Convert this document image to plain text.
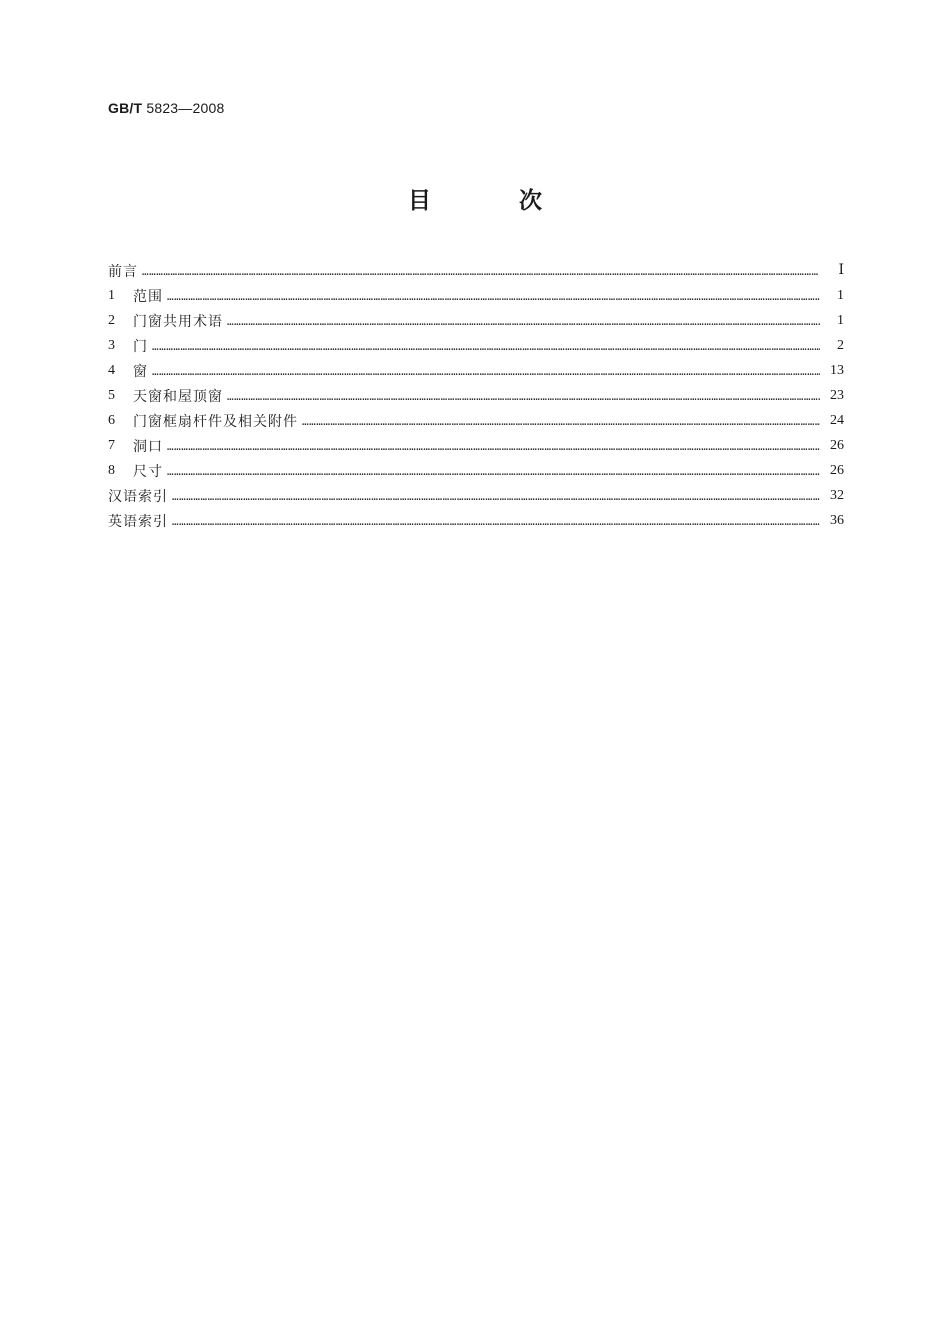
GB/T 5823—2008
目 次
前言 ……………………………………………………………………………………………………………………………………………………………………………………………………………………………………………………………	Ⅰ
1	范围 ……………………………………………………………………………………………………………………………………………………………………………………………………………………………………………………………	1
2	门窗共用术语 ……………………………………………………………………………………………………………………………………………………………………………………………………………………………………………………………	1
3	门 ……………………………………………………………………………………………………………………………………………………………………………………………………………………………………………………………	2
4	窗 ……………………………………………………………………………………………………………………………………………………………………………………………………………………………………………………………	13
5	天窗和屋顶窗 ……………………………………………………………………………………………………………………………………………………………………………………………………………………………………………………………	23
6	门窗框扇杆件及相关附件 ……………………………………………………………………………………………………………………………………………………………………………………………………………………………………………………………	24
7	洞口 ……………………………………………………………………………………………………………………………………………………………………………………………………………………………………………………………	26
8	尺寸 ……………………………………………………………………………………………………………………………………………………………………………………………………………………………………………………………	26
汉语索引 ……………………………………………………………………………………………………………………………………………………………………………………………………………………………………………………………	32
英语索引 ……………………………………………………………………………………………………………………………………………………………………………………………………………………………………………………………	36
